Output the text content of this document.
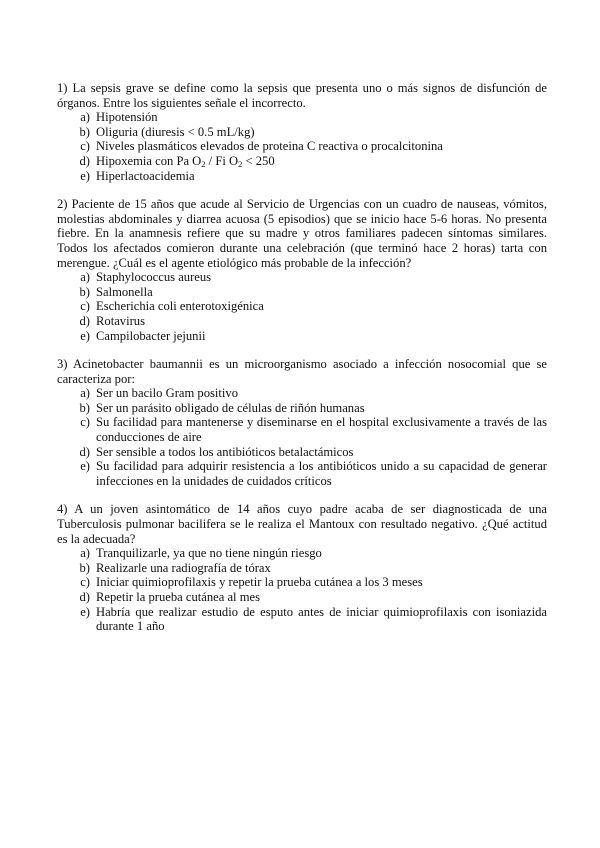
1) La sepsis grave se define como la sepsis que presenta uno o más signos de disfunción de órganos. Entre los siguientes señale el incorrecto.

a) Hipotensión
b) Oliguria (diuresis < 0.5 mL/kg)
c) Niveles plasmáticos elevados de proteina C reactiva o procalcitonina
d) Hipoxemia con Pa $O_2$ / Fi $O_2 < 250$
e) Hiperlactoacidemia

2) Paciente de 15 años que acude al Servicio de Urgencias con un cuadro de nauseas, vómitos, molestias abdominales y diarrea acuosa (5 episodios) que se inicio hace 5-6 horas. No presenta fiebre. En la anamnesis refiere que su madre y otros familiares padecen síntomas similares. Todos los afectados comieron durante una celebración (que terminó hace 2 horas) tarta con merengue. ¿Cuál es el agente etiológico más probable de la infección?

a) Staphylococcus aureus
b) Salmonella
c) Escherichia coli enterotoxigénica
d) Rotavirus
e) Campilobacter jejunii

3) Acinetobacter baumannii es un microorganismo asociado a infección nosocomial que se caracteriza por:

a) Ser un bacilo Gram positivo
b) Ser un parásito obligado de células de riñón humanas
c) Su facilidad para mantenerse y diseminarse en el hospital exclusivamente a través de las conducciones de aire
d) Ser sensible a todos los antibióticos betalactámicos
e) Su facilidad para adquirir resistencia a los antibióticos unido a su capacidad de generar infecciones en la unidades de cuidados críticos

4) A un joven asintomático de 14 años cuyo padre acaba de ser diagnosticada de una Tuberculosis pulmonar bacilifera se le realiza el Mantoux con resultado negativo. ¿Qué actitud es la adecuada?

a) Tranquilizarle, ya que no tiene ningún riesgo
b) Realizarle una radiografía de tórax
c) Iniciar quimioprofilaxis y repetir la prueba cutánea a los 3 meses
d) Repetir la prueba cutánea al mes
e) Habría que realizar estudio de esputo antes de iniciar quimioprofilaxis con isoniazida durante 1 año
